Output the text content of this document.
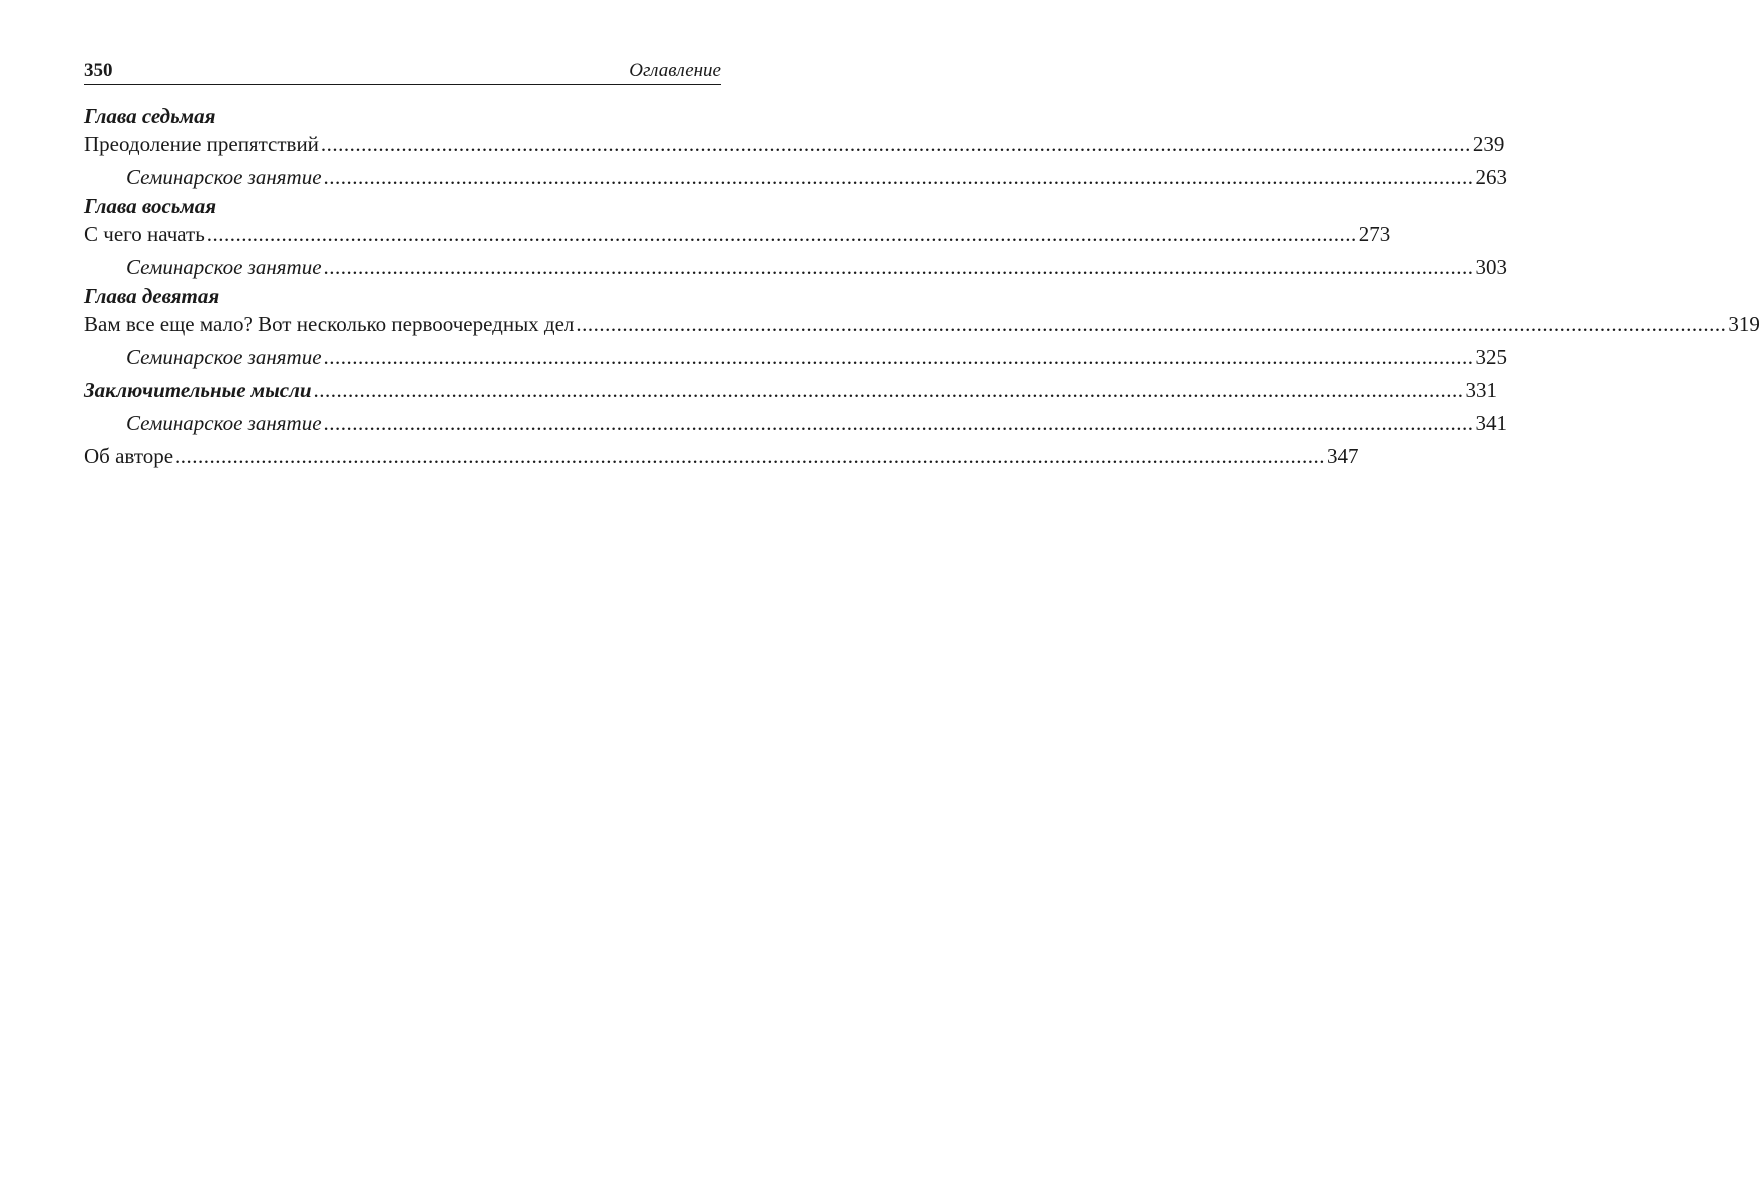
350	Оглавление
Глава седьмая
Преодоление препятствий ........................................................................................................................................................................................................ 239
Семинарское занятие ........................................................................................................................................................................................................ 263
Глава восьмая
С чего начать ........................................................................................................................................................................................................ 273
Семинарское занятие ........................................................................................................................................................................................................ 303
Глава девятая
Вам все еще мало? Вот несколько первоочередных дел ........................................................................................................................................................................................................ 319
Семинарское занятие ........................................................................................................................................................................................................ 325
Заключительные мысли ........................................................................................................................................................................................................ 331
Семинарское занятие ........................................................................................................................................................................................................ 341
Об авторе ........................................................................................................................................................................................................ 347
